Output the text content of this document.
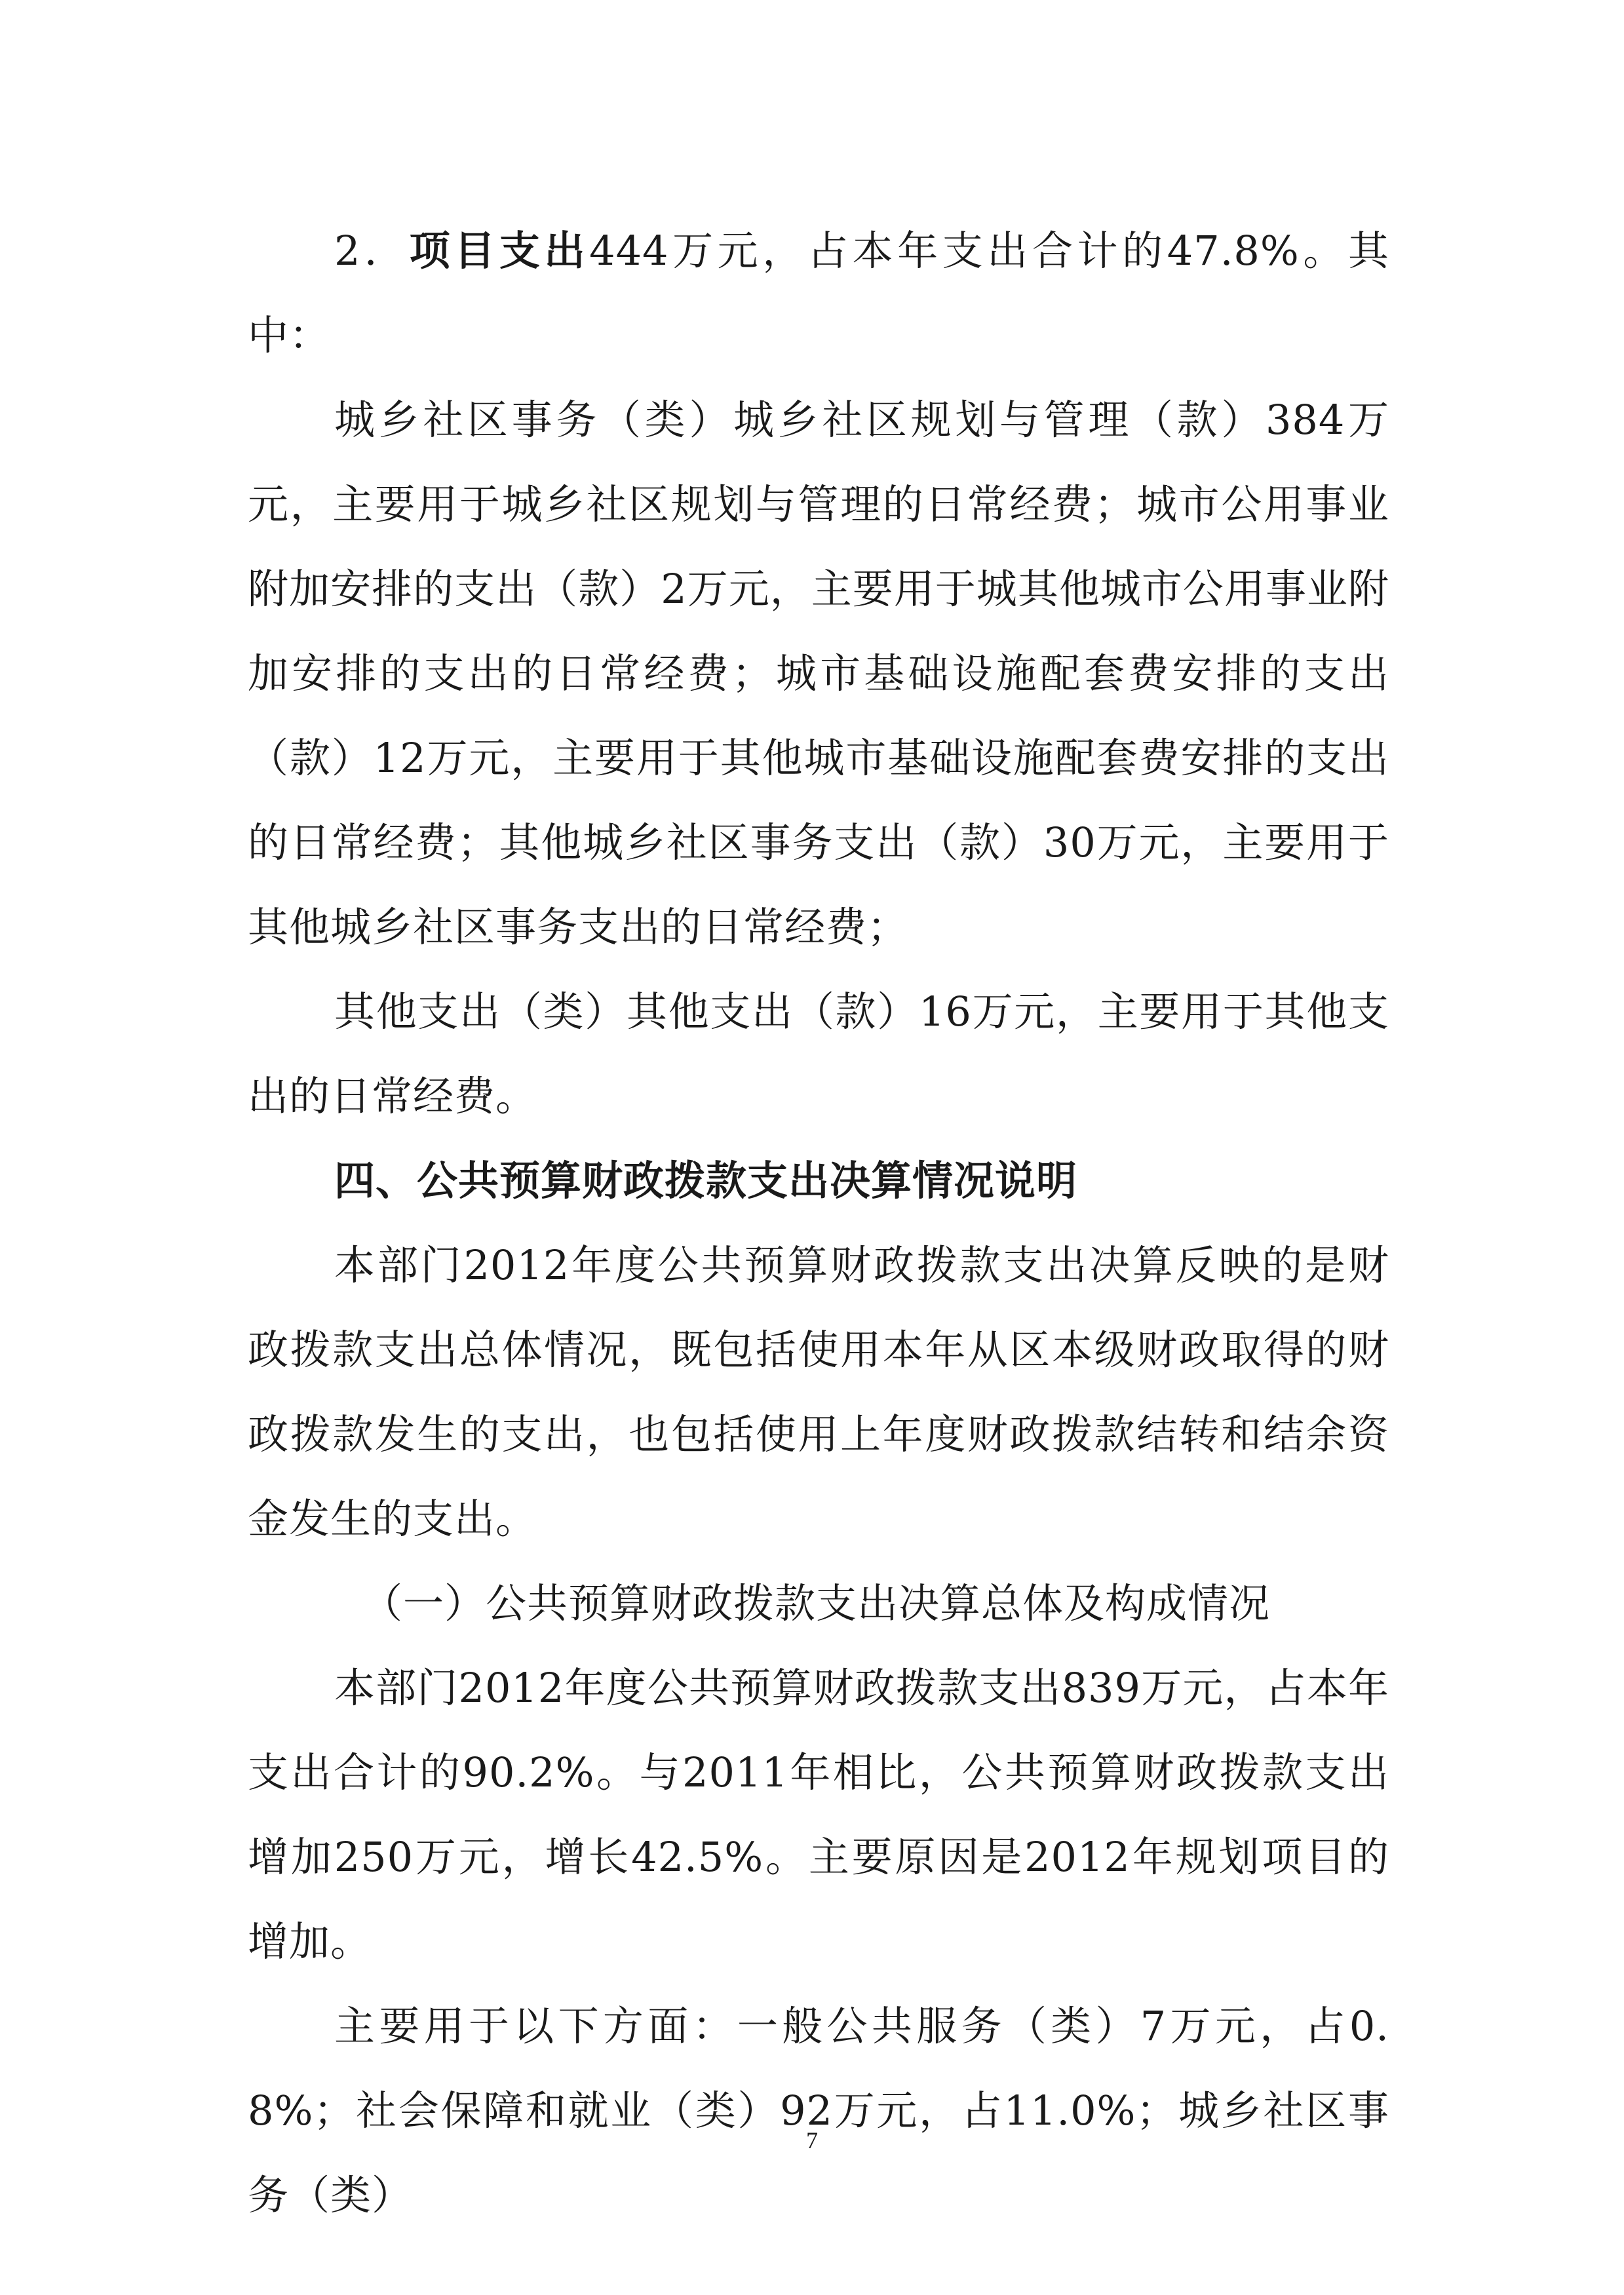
2．项目支出444万元，占本年支出合计的47.8%。其中：

城乡社区事务（类）城乡社区规划与管理（款）384万元，主要用于城乡社区规划与管理的日常经费；城市公用事业附加安排的支出（款）2万元，主要用于城其他城市公用事业附加安排的支出的日常经费；城市基础设施配套费安排的支出（款）12万元，主要用于其他城市基础设施配套费安排的支出的日常经费；其他城乡社区事务支出（款）30万元，主要用于其他城乡社区事务支出的日常经费；

其他支出（类）其他支出（款）16万元，主要用于其他支出的日常经费。

四、公共预算财政拨款支出决算情况说明

本部门2012年度公共预算财政拨款支出决算反映的是财政拨款支出总体情况，既包括使用本年从区本级财政取得的财政拨款发生的支出，也包括使用上年度财政拨款结转和结余资金发生的支出。

（一）公共预算财政拨款支出决算总体及构成情况

本部门2012年度公共预算财政拨款支出839万元，占本年支出合计的90.2%。与2011年相比，公共预算财政拨款支出增加250万元，增长42.5%。主要原因是2012年规划项目的增加。

主要用于以下方面：一般公共服务（类）7万元，占0.8%；社会保障和就业（类）92万元，占11.0%；城乡社区事务（类）

7
